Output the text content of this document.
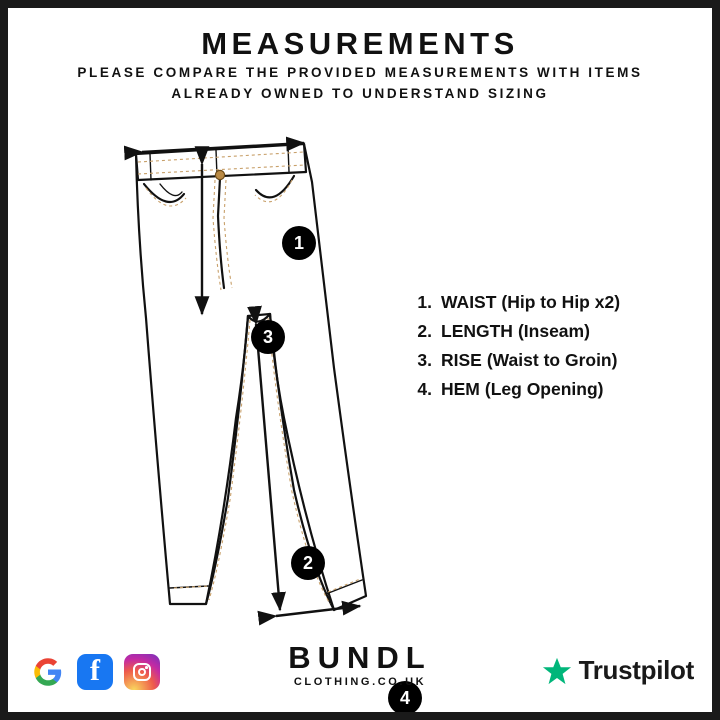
MEASUREMENTS
PLEASE COMPARE THE PROVIDED MEASUREMENTS WITH ITEMS ALREADY OWNED TO UNDERSTAND SIZING
1
2
3
4
1. WAIST (Hip to Hip x2)
2. LENGTH (Inseam)
3. RISE (Waist to Groin)
4. HEM (Leg Opening)
f	BUNDL
CLOTHING.CO.UK	Trustpilot
